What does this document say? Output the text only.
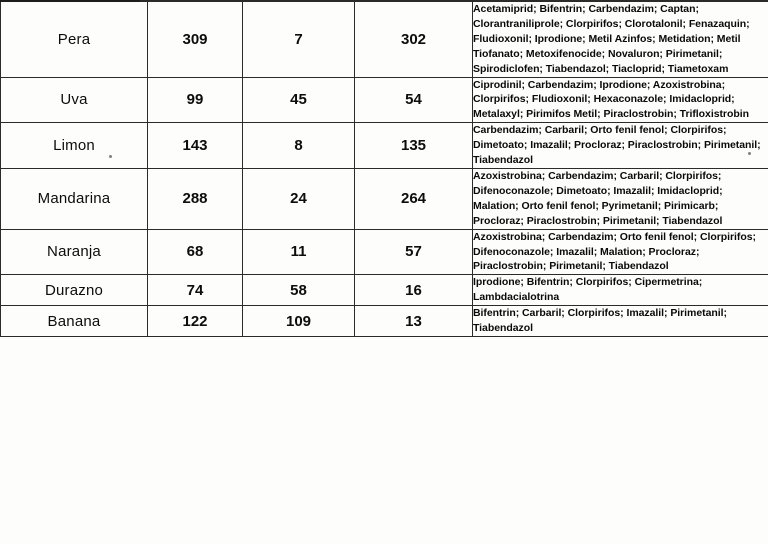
Pera	309	7	302	Acetamiprid; Bifentrin; Carbendazim; Captan; Clorantraniliprole; Clorpirifos; Clorotalonil; Fenazaquin; Fludioxonil; Iprodione; Metil Azinfos; Metidation; Metil Tiofanato; Metoxifenocide; Novaluron; Pirimetanil; Spirodiclofen; Tiabendazol; Tiacloprid; Tiametoxam
Uva	99	45	54	Ciprodinil; Carbendazim; Iprodione; Azoxistrobina; Clorpirifos; Fludioxonil; Hexaconazole; Imidacloprid; Metalaxyl; Pirimifos Metil; Piraclostrobin; Trifloxistrobin
Limon	143	8	135	Carbendazim; Carbaril; Orto fenil fenol; Clorpirifos; Dimetoato; Imazalil; Procloraz; Piraclostrobin; Pirimetanil; Tiabendazol
Mandarina	288	24	264	Azoxistrobina; Carbendazim; Carbaril; Clorpirifos; Difenoconazole; Dimetoato; Imazalil; Imidacloprid; Malation; Orto fenil fenol; Pyrimetanil; Pirimicarb; Procloraz; Piraclostrobin; Pirimetanil; Tiabendazol
Naranja	68	11	57	Azoxistrobina; Carbendazim; Orto fenil fenol; Clorpirifos; Difenoconazole; Imazalil; Malation; Procloraz; Piraclostrobin; Pirimetanil; Tiabendazol
Durazno	74	58	16	Iprodione; Bifentrin; Clorpirifos; Cipermetrina; Lambdacialotrina
Banana	122	109	13	Bifentrin; Carbaril; Clorpirifos; Imazalil; Pirimetanil; Tiabendazol
